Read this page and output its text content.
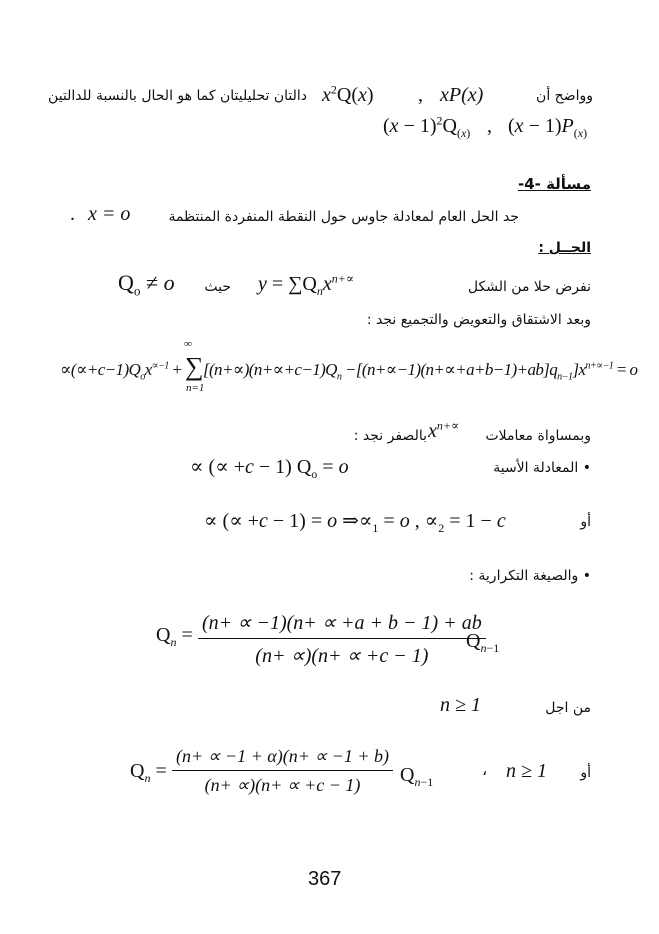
وواضح أن
xP(x)
,
$x^2Q(x)$
دالتان تحليليتان كما هو الحال بالنسبة للدالتين
$(x - 1)P_{(x)}$
,
$(x - 1)^2Q_{(x)}$
مسألة -4-
جد الحل العام لمعادلة جاوس حول النقطة المنفردة المنتظمة
x = o
.
الحــل :
نفرض حلا من الشكل
$y = \sum Q_nx^{n+\propto}$
حيث
$Q_o \ne o$
وبعد الاشتقاق والتعويض والتجميع نجد :
∞
$\propto(\propto+c-1)Q_ox^{\propto-1} + \sum[(n+\propto)(n+\propto+c-1)Q_n -[(n+\propto-1)(n+\propto+a+b-1)+ab]q_{n-1}]x^{n+\propto-1} = o$
n=1
وبمساواة معاملات
$x^{n+\propto}$
بالصفر نجد :
• المعادلة الأسية
∝ (∝ +c − 1) $Q_o = o$
أو
∝ (∝ +c − 1) = o $\Rightarrow\propto_1 = o$ , $\propto_2 = 1 - c$
• والصيغة التكرارية :
$Q_n = \frac{(n+ \propto -1)(n+ \propto +a + b - 1) + ab}{(n+ \propto)(n+ \propto +c - 1)}$
$Q_{n-1}$
من اجل
n ≥ 1
$Q_n = \frac{(n+ \propto -1 + \alpha)(n+ \propto -1 + b)}{(n+ \propto)(n+ \propto +c - 1)} Q_{n-1}$
، n ≥ 1 أو
367
